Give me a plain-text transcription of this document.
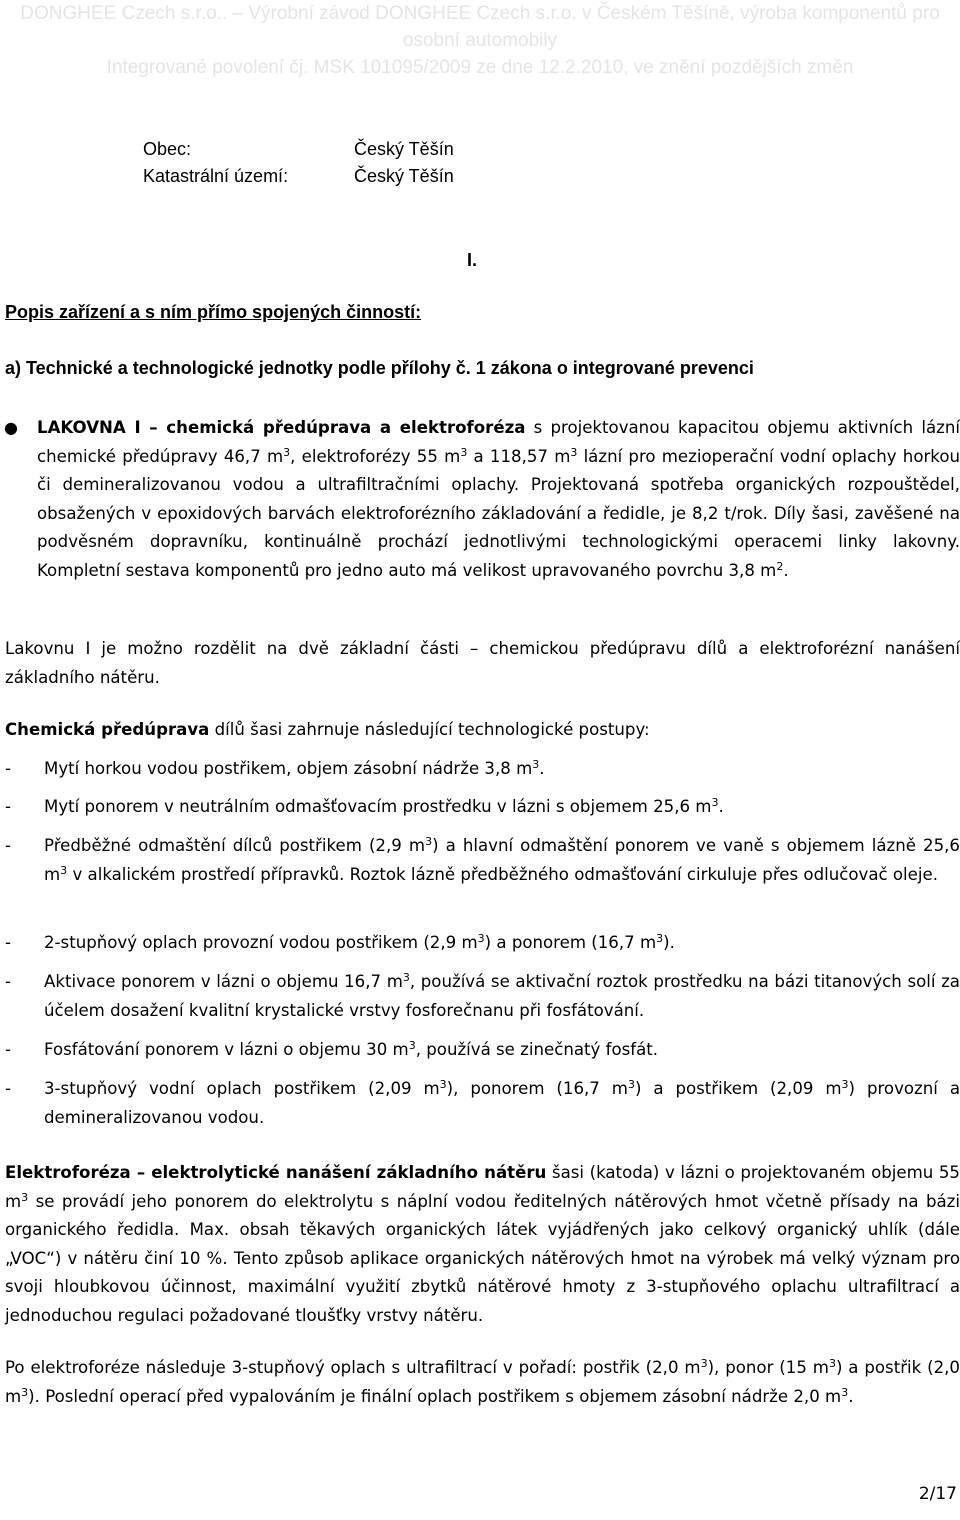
DONGHEE Czech s.r.o.. – Výrobní závod DONGHEE Czech s.r.o. v Českém Těšíně, výroba komponentů pro
osobní automobily
Integrované povolení čj. MSK 101095/2009 ze dne 12.2.2010, ve znění pozdějších změn
Obec:	Český Těšín
Katastrální území:	Český Těšín
I.
Popis zařízení a s ním přímo spojených činností:
a) Technické a technologické jednotky podle přílohy č. 1 zákona o integrované prevenci
● LAKOVNA I – chemická předúprava a elektroforéza s projektovanou kapacitou objemu aktivních lázní chemické předúpravy 46,7 $m^3$, elektroforézy 55 $m^3$ a 118,57 $m^3$ lázní pro mezioperační vodní oplachy horkou či demineralizovanou vodou a ultrafiltračními oplachy. Projektovaná spotřeba organických rozpouštědel, obsažených v epoxidových barvách elektroforézního základování a ředidle, je 8,2 t/rok. Díly šasi, zavěšené na podvěsném dopravníku, kontinuálně prochází jednotlivými technologickými operacemi linky lakovny. Kompletní sestava komponentů pro jedno auto má velikost upravovaného povrchu 3,8 $m^2$.
Lakovnu I je možno rozdělit na dvě základní části – chemickou předúpravu dílů a elektroforézní nanášení základního nátěru.
Chemická předúprava dílů šasi zahrnuje následující technologické postupy:
- Mytí horkou vodou postřikem, objem zásobní nádrže 3,8 $m^3$.
- Mytí ponorem v neutrálním odmašťovacím prostředku v lázni s objemem 25,6 $m^3$.
- Předběžné odmaštění dílců postřikem (2,9 $m^3$) a hlavní odmaštění ponorem ve vaně s objemem lázně 25,6 $m^3$ v alkalickém prostředí přípravků. Roztok lázně předběžného odmašťování cirkuluje přes odlučovač oleje.
- 2-stupňový oplach provozní vodou postřikem (2,9 $m^3$) a ponorem (16,7 $m^3$).
- Aktivace ponorem v lázni o objemu 16,7 $m^3$, používá se aktivační roztok prostředku na bázi titanových solí za účelem dosažení kvalitní krystalické vrstvy fosforečnanu při fosfátování.
- Fosfátování ponorem v lázni o objemu 30 $m^3$, používá se zinečnatý fosfát.
- 3-stupňový vodní oplach postřikem (2,09 $m^3$), ponorem (16,7 $m^3$) a postřikem (2,09 $m^3$) provozní a demineralizovanou vodou.
Elektroforéza – elektrolytické nanášení základního nátěru šasi (katoda) v lázni o projektovaném objemu 55 $m^3$ se provádí jeho ponorem do elektrolytu s náplní vodou ředitelných nátěrových hmot včetně přísady na bázi organického ředidla. Max. obsah těkavých organických látek vyjádřených jako celkový organický uhlík (dále „VOC“) v nátěru činí 10 %. Tento způsob aplikace organických nátěrových hmot na výrobek má velký význam pro svoji hloubkovou účinnost, maximální využití zbytků nátěrové hmoty z 3-stupňového oplachu ultrafiltrací a jednoduchou regulaci požadované tloušťky vrstvy nátěru.
Po elektroforéze následuje 3-stupňový oplach s ultrafiltrací v pořadí: postřik (2,0 $m^3$), ponor (15 $m^3$) a postřik (2,0 $m^3$). Poslední operací před vypalováním je finální oplach postřikem s objemem zásobní nádrže 2,0 $m^3$.
2/17
